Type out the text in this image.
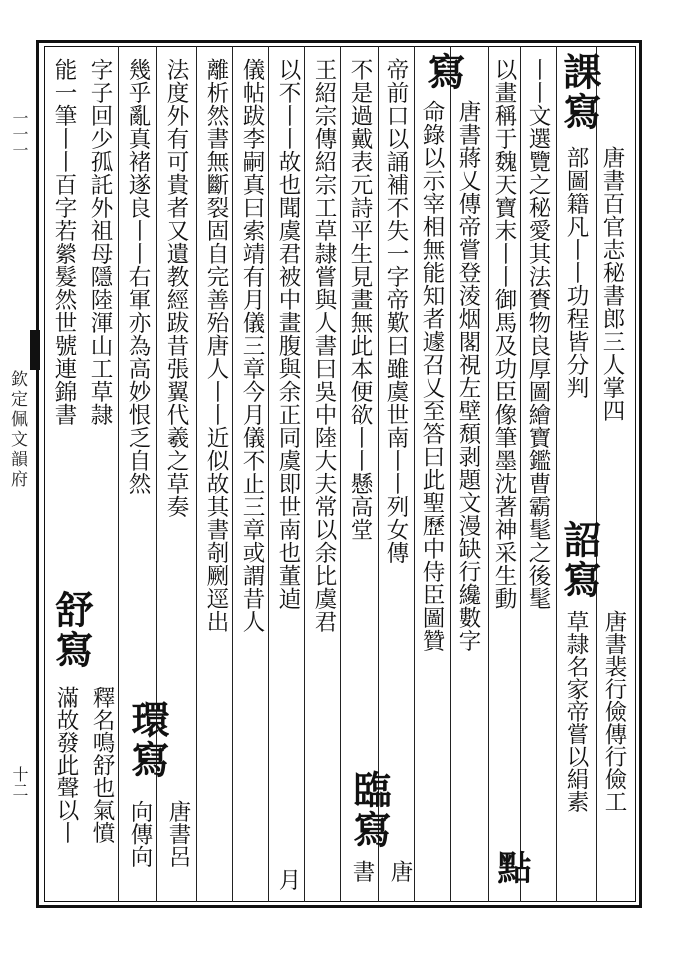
一一一
欽定佩文韻府
十二
課寫
唐書百官志秘書郎三人掌四
部圖籍凡丨丨功程皆分判
詔寫
唐書裴行儉傳行儉工
草隷名家帝嘗以絹素
丨丨文選覽之秘愛其法賚物良厚圖繪寶鑑曹霸髦之後髦
以畫稱于魏天寶末丨丨御馬及功臣像筆墨沈著神采生動
點
寫
唐書蔣乂傳帝嘗登淩烟閣視左壁頹剥題文漫缺行纔數字
命錄以示宰相無能知者遽召乂至答曰此聖歷中侍臣圖贊
帝前口以誦補不失一字帝歎曰雖虞世南丨丨列女傳
不是過戴表元詩平生見畫無此本便欲丨丨懸高堂
臨寫
唐
書
王紹宗傳紹宗工草隷嘗與人書曰吳中陸大夫常以余比虞君
以不丨丨故也聞虞君被中畫腹與余正同虞即世南也董逌
月
儀帖跋李嗣真曰索靖有月儀三章今月儀不止三章或謂昔人
離析然書無斷裂固自完善殆唐人丨丨近似故其書剞劂逕出
法度外有可貴者又遺教經跋昔張翼代羲之草奏
幾乎亂真褚遂良丨丨右軍亦為高妙恨乏自然
環寫
唐書呂
向傳向
字子回少孤託外祖母隱陸渾山工草隷
能一筆丨丨百字若縈髮然世號連錦書
舒寫
釋名鳴舒也氣憤
滿故發此聲以丨
